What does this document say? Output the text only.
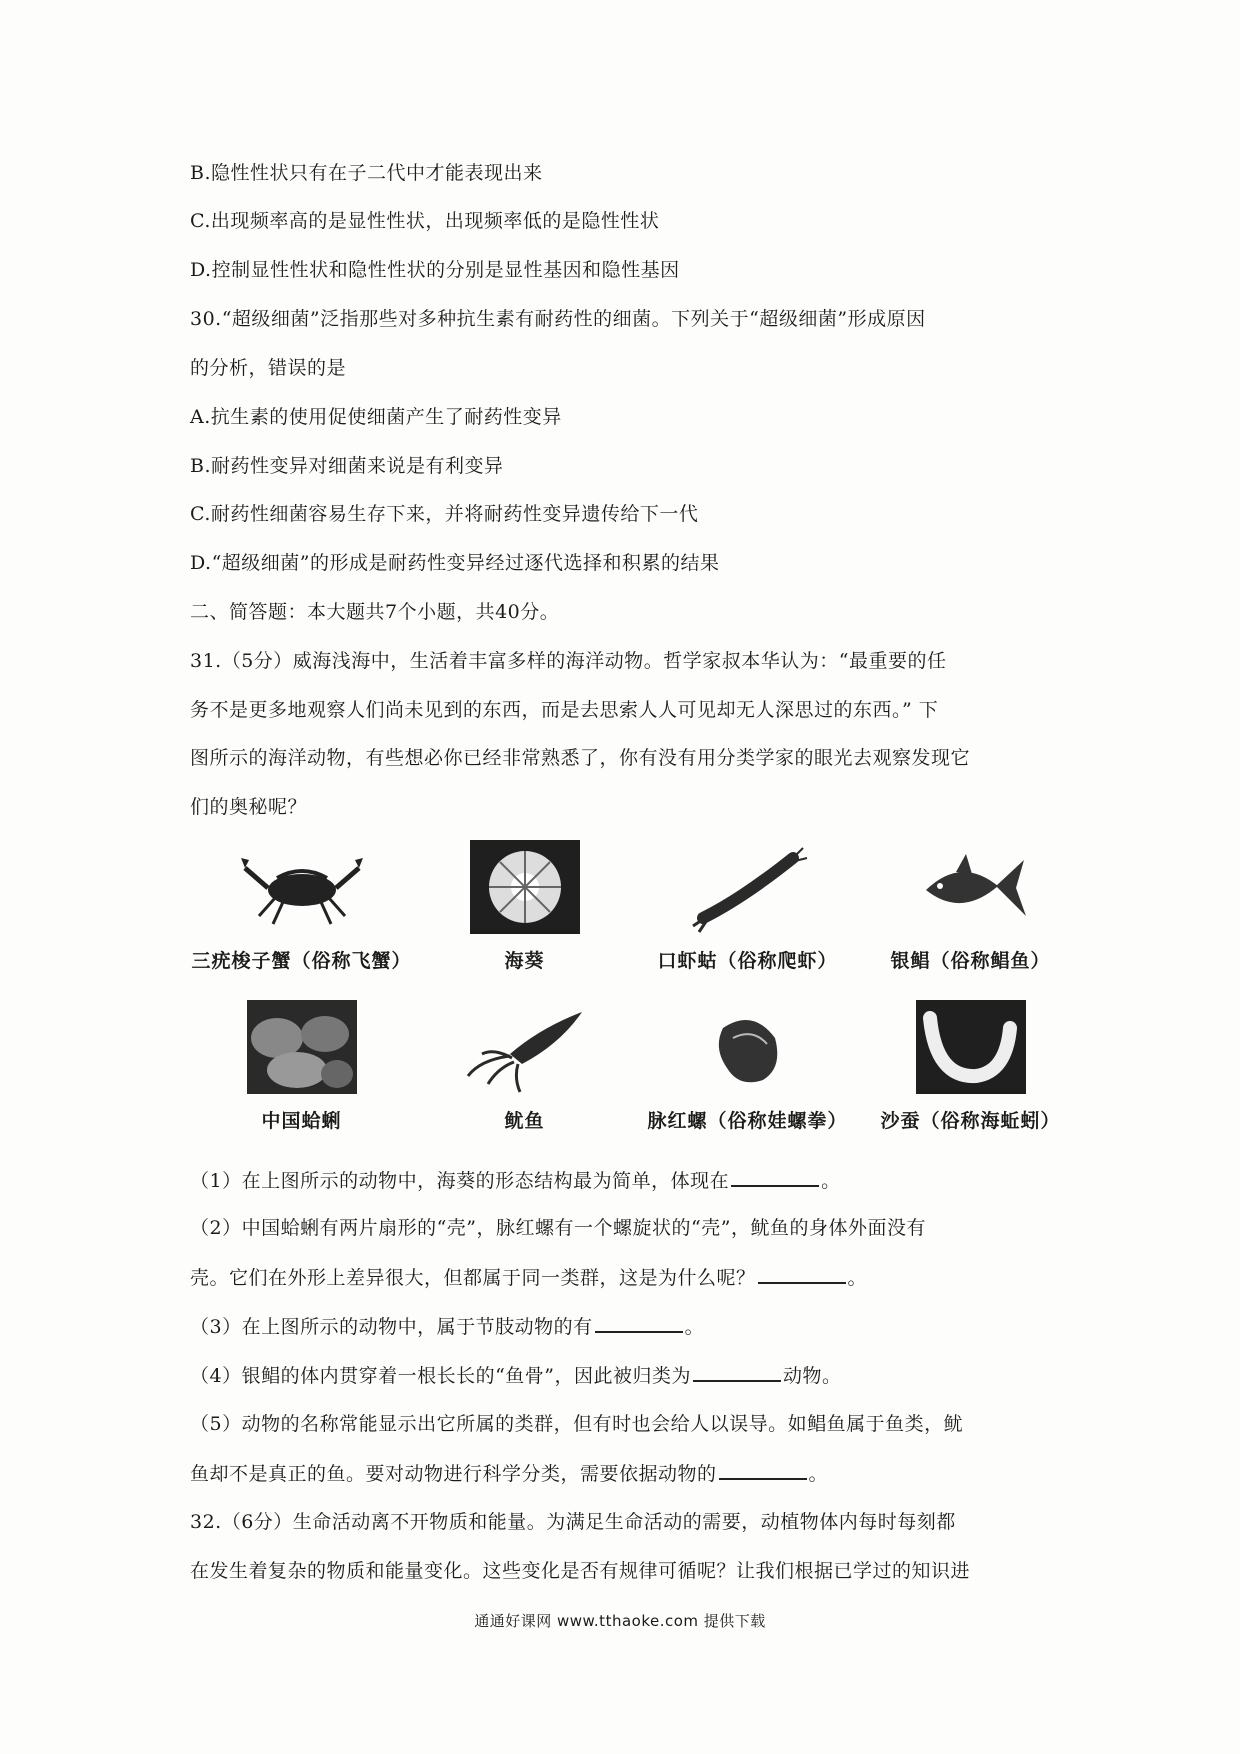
B.隐性性状只有在子二代中才能表现出来
C.出现频率高的是显性性状，出现频率低的是隐性性状
D.控制显性性状和隐性性状的分别是显性基因和隐性基因
30.“超级细菌”泛指那些对多种抗生素有耐药性的细菌。下列关于“超级细菌”形成原因
的分析，错误的是
A.抗生素的使用促使细菌产生了耐药性变异
B.耐药性变异对细菌来说是有利变异
C.耐药性细菌容易生存下来，并将耐药性变异遗传给下一代
D.“超级细菌”的形成是耐药性变异经过逐代选择和积累的结果
二、简答题：本大题共7个小题，共40分。
31.（5分）威海浅海中，生活着丰富多样的海洋动物。哲学家叔本华认为：“最重要的任
务不是更多地观察人们尚未见到的东西，而是去思索人人可见却无人深思过的东西。” 下
图所示的海洋动物，有些想必你已经非常熟悉了，你有没有用分类学家的眼光去观察发现它
们的奥秘呢？
三疣梭子蟹（俗称飞蟹）	海葵	口虾蛄（俗称爬虾）	银鲳（俗称鲳鱼）
中国蛤蜊	鱿鱼	脉红螺（俗称娃螺拳）	沙蚕（俗称海蚯蚓）
（1）在上图所示的动物中，海葵的形态结构最为简单，体现在	。
（2）中国蛤蜊有两片扇形的“壳”，脉红螺有一个螺旋状的“壳”，鱿鱼的身体外面没有
壳。它们在外形上差异很大，但都属于同一类群，这是为什么呢？	。
（3）在上图所示的动物中，属于节肢动物的有	。
（4）银鲳的体内贯穿着一根长长的“鱼骨”，因此被归类为	动物。
（5）动物的名称常能显示出它所属的类群，但有时也会给人以误导。如鲳鱼属于鱼类，鱿
鱼却不是真正的鱼。要对动物进行科学分类，需要依据动物的	。
32.（6分）生命活动离不开物质和能量。为满足生命活动的需要，动植物体内每时每刻都
在发生着复杂的物质和能量变化。这些变化是否有规律可循呢？让我们根据已学过的知识进
通通好课网 www.tthaoke.com 提供下载
